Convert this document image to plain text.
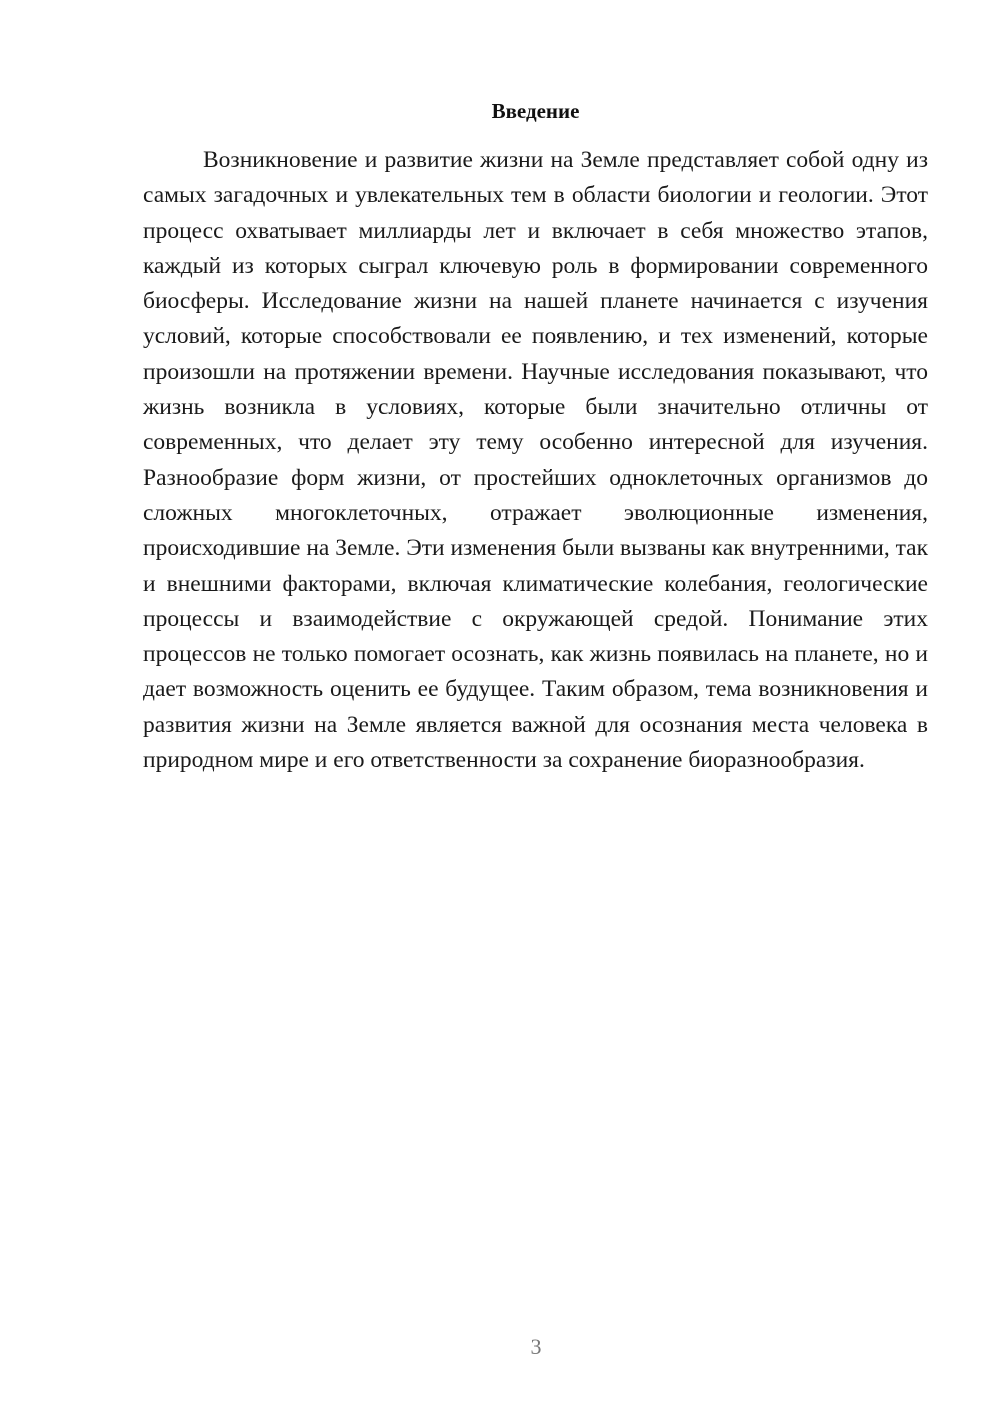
Введение

Возникновение и развитие жизни на Земле представляет собой одну из самых загадочных и увлекательных тем в области биологии и геологии. Этот процесс охватывает миллиарды лет и включает в себя множество этапов, каждый из которых сыграл ключевую роль в формировании современного биосферы. Исследование жизни на нашей планете начинается с изучения условий, которые способствовали ее появлению, и тех изменений, которые произошли на протяжении времени. Научные исследования показывают, что жизнь возникла в условиях, которые были значительно отличны от современных, что делает эту тему особенно интересной для изучения. Разнообразие форм жизни, от простейших одноклеточных организмов до сложных многоклеточных, отражает эволюционные изменения, происходившие на Земле. Эти изменения были вызваны как внутренними, так и внешними факторами, включая климатические колебания, геологические процессы и взаимодействие с окружающей средой. Понимание этих процессов не только помогает осознать, как жизнь появилась на планете, но и дает возможность оценить ее будущее. Таким образом, тема возникновения и развития жизни на Земле является важной для осознания места человека в природном мире и его ответственности за сохранение биоразнообразия.

3
